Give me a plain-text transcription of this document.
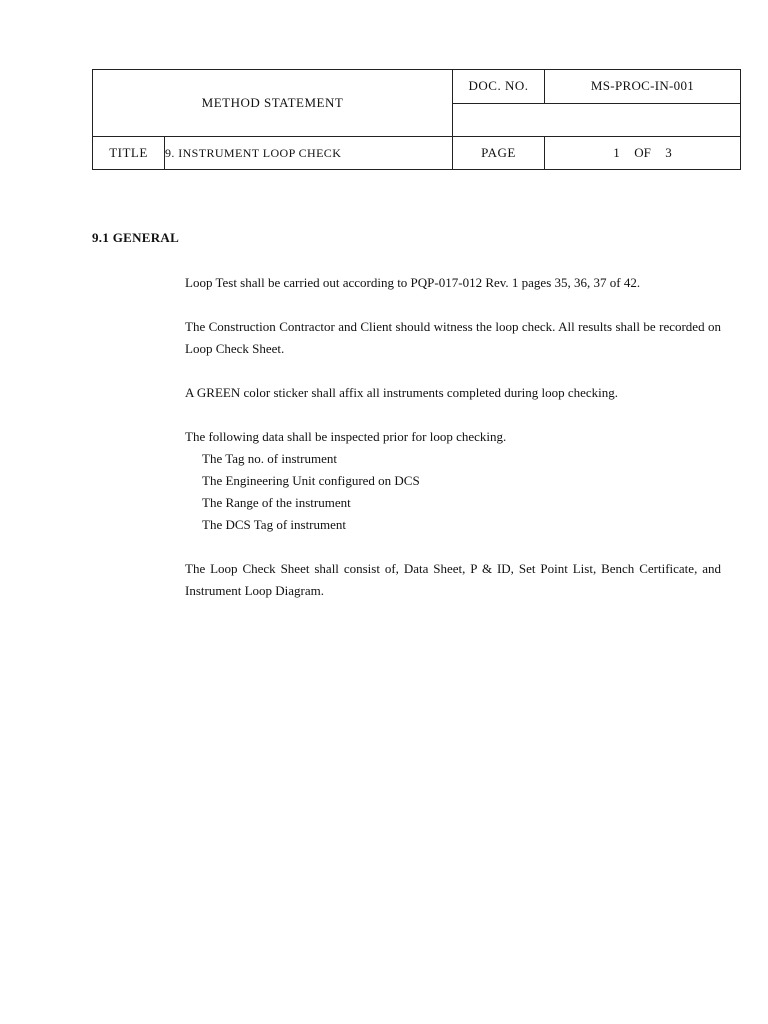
METHOD STATEMENT		DOC. NO.	MS-PROC-IN-001

TITLE	9. INSTRUMENT LOOP CHECK	PAGE	1  OF  3
9.1 GENERAL

Loop Test shall be carried out according to PQP-017-012 Rev. 1 pages 35, 36, 37 of 42.

The Construction Contractor and Client should witness the loop check. All results shall be recorded on Loop Check Sheet.

A GREEN color sticker shall affix all instruments completed during loop checking.

The following data shall be inspected prior for loop checking.

The Tag no. of instrument
The Engineering Unit configured on DCS
The Range of the instrument
The DCS Tag of instrument

The Loop Check Sheet shall consist of, Data Sheet, P & ID, Set Point List, Bench Certificate, and Instrument Loop Diagram.
